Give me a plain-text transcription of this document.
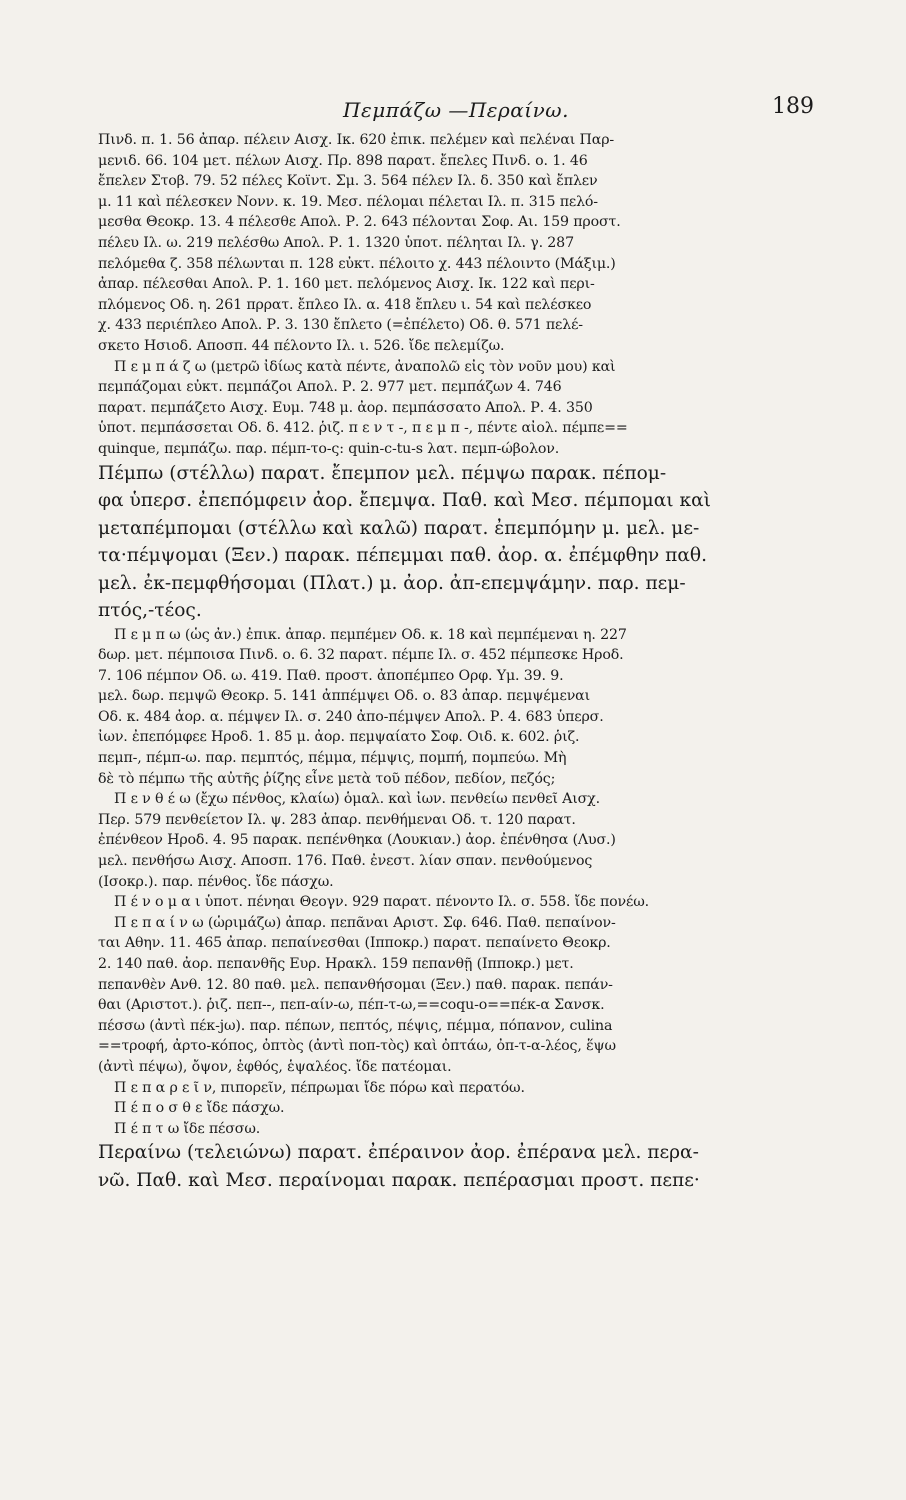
Πεμπάζω —Περαίνω.	189
Πινδ. π. 1. 56 ἀπαρ. πέλειν Αισχ. Ικ. 620 ἐπικ. πελέμεν καὶ πελέναι Παρ-
μενιδ. 66. 104 μετ. πέλων Αισχ. Πρ. 898 παρατ. ἔπελες Πινδ. ο. 1. 46
ἔπελεν Στοβ. 79. 52 πέλες Κοϊντ. Σμ. 3. 564 πέλεν Ιλ. δ. 350 καὶ ἔπλεν
μ. 11 καὶ πέλεσκεν Νονν. κ. 19. Μεσ. πέλομαι πέλεται Ιλ. π. 315 πελό-
μεσθα Θεοκρ. 13. 4 πέλεσθε Απολ. Ρ. 2. 643 πέλονται Σοφ. Αι. 159 προστ.
πέλευ Ιλ. ω. 219 πελέσθω Απολ. Ρ. 1. 1320 ὑποτ. πέληται Ιλ. γ. 287
πελόμεθα ζ. 358 πέλωνται π. 128 εὐκτ. πέλοιτο χ. 443 πέλοιντο (Μάξιμ.)
ἀπαρ. πέλεσθαι Απολ. Ρ. 1. 160 μετ. πελόμενος Αισχ. Ικ. 122 καὶ περι-
πλόμενος Οδ. η. 261 πρρατ. ἔπλεο Ιλ. α. 418 ἔπλευ ι. 54 καὶ πελέσκεο
χ. 433 περιέπλεο Απολ. Ρ. 3. 130 ἔπλετο (=ἐπέλετο) Οδ. θ. 571 πελέ-
σκετο Ησιοδ. Αποσπ. 44 πέλοντο Ιλ. ι. 526. ἴδε πελεμίζω.
Π ε μ π ά ζ ω (μετρῶ ἰδίως κατὰ πέντε, ἀναπολῶ εἰς τὸν νοῦν μου) καὶ
πεμπάζομαι εὐκτ. πεμπάζοι Απολ. Ρ. 2. 977 μετ. πεμπάζων 4. 746
παρατ. πεμπάζετο Αισχ. Ευμ. 748 μ. ἀορ. πεμπάσσατο Απολ. Ρ. 4. 350
ὑποτ. πεμπάσσεται Οδ. δ. 412. ῥιζ. π ε ν τ -, π ε μ π -, πέντε αἰολ. πέμπε==
quinque, πεμπάζω. παρ. πέμπ-το-ς: quin-c-tu-s λατ. πεμπ-ώβολον.
Πέμπω (στέλλω) παρατ. ἔπεμπον μελ. πέμψω παρακ. πέπομ-
φα ὑπερσ. ἐπεπόμφειν ἀορ. ἔπεμψα. Παθ. καὶ Μεσ. πέμπομαι καὶ
μεταπέμπομαι (στέλλω καὶ καλῶ) παρατ. ἐπεμπόμην μ. μελ. με-
τα·πέμψομαι (Ξεν.) παρακ. πέπεμμαι παθ. ἀορ. α. ἐπέμφθην παθ.
μελ. ἐκ-πεμφθήσομαι (Πλατ.) μ. ἀορ. ἀπ-επεμψάμην. παρ. πεμ-
πτός,-τέος.
Π ε μ π ω (ὡς ἀν.) ἐπικ. ἀπαρ. πεμπέμεν Οδ. κ. 18 καὶ πεμπέμεναι η. 227
δωρ. μετ. πέμποισα Πινδ. ο. 6. 32 παρατ. πέμπε Ιλ. σ. 452 πέμπεσκε Ηροδ.
7. 106 πέμπον Οδ. ω. 419. Παθ. προστ. ἀποπέμπεο Ορφ. Υμ. 39. 9.
μελ. δωρ. πεμψῶ Θεοκρ. 5. 141 ἀππέμψει Οδ. ο. 83 ἀπαρ. πεμψέμεναι
Οδ. κ. 484 ἀορ. α. πέμψεν Ιλ. σ. 240 ἀπο-πέμψεν Απολ. Ρ. 4. 683 ὑπερσ.
ἰων. ἐπεπόμφεε Ηροδ. 1. 85 μ. ἀορ. πεμψαίατο Σοφ. Οιδ. κ. 602. ῥιζ.
πεμπ-, πέμπ-ω. παρ. πεμπτός, πέμμα, πέμψις, πομπή, πομπεύω. Μὴ
δὲ τὸ πέμπω τῆς αὐτῆς ῥίζης εἶνε μετὰ τοῦ πέδον, πεδίον, πεζός;
Π ε ν θ έ ω (ἔχω πένθος, κλαίω) ὁμαλ. καὶ ἰων. πενθείω πενθεῖ Αισχ.
Περ. 579 πενθείετον Ιλ. ψ. 283 ἀπαρ. πενθήμεναι Οδ. τ. 120 παρατ.
ἐπένθεον Ηροδ. 4. 95 παρακ. πεπένθηκα (Λουκιαν.) ἀορ. ἐπένθησα (Λυσ.)
μελ. πενθήσω Αισχ. Αποσπ. 176. Παθ. ἐνεστ. λίαν σπαν. πενθούμενος
(Ισοκρ.). παρ. πένθος. ἴδε πάσχω.
Π έ ν ο μ α ι ὑποτ. πένηαι Θεογν. 929 παρατ. πένοντο Ιλ. σ. 558. ἴδε πονέω.
Π ε π α ί ν ω (ὡριμάζω) ἀπαρ. πεπᾶναι Αριστ. Σφ. 646. Παθ. πεπαίνον-
ται Αθην. 11. 465 ἀπαρ. πεπαίνεσθαι (Ιπποκρ.) παρατ. πεπαίνετο Θεοκρ.
2. 140 παθ. ἀορ. πεπανθῆς Ευρ. Ηρακλ. 159 πεπανθῇ (Ιπποκρ.) μετ.
πεπανθὲν Ανθ. 12. 80 παθ. μελ. πεπανθήσομαι (Ξεν.) παθ. παρακ. πεπάν-
θαι (Αριστοτ.). ῥιζ. πεπ--, πεπ-αίν-ω, πέπ-τ-ω,==coqu-o==πέκ-α Σανσκ.
πέσσω (ἀντὶ πέκ-jω). παρ. πέπων, πεπτός, πέψις, πέμμα, πόπανον, culina
==τροφή, ἀρτο-κόπος, ὀπτὸς (ἀντὶ ποπ-τὸς) καὶ ὀπτάω, ὀπ-τ-α-λέος, ἕψω
(ἀντὶ πέψω), ὄψον, ἑφθός, ἑψαλέος. ἴδε πατέομαι.
Π ε π α ρ ε ῖ ν, πιπορεῖν, πέπρωμαι ἴδε πόρω καὶ περατόω.
Π έ π ο σ θ ε ἴδε πάσχω.
Π έ π τ ω ἴδε πέσσω.
Περαίνω (τελειώνω) παρατ. ἐπέραινον ἀορ. ἐπέρανα μελ. περα-
νῶ. Παθ. καὶ Μεσ. περαίνομαι παρακ. πεπέρασμαι προστ. πεπε·
